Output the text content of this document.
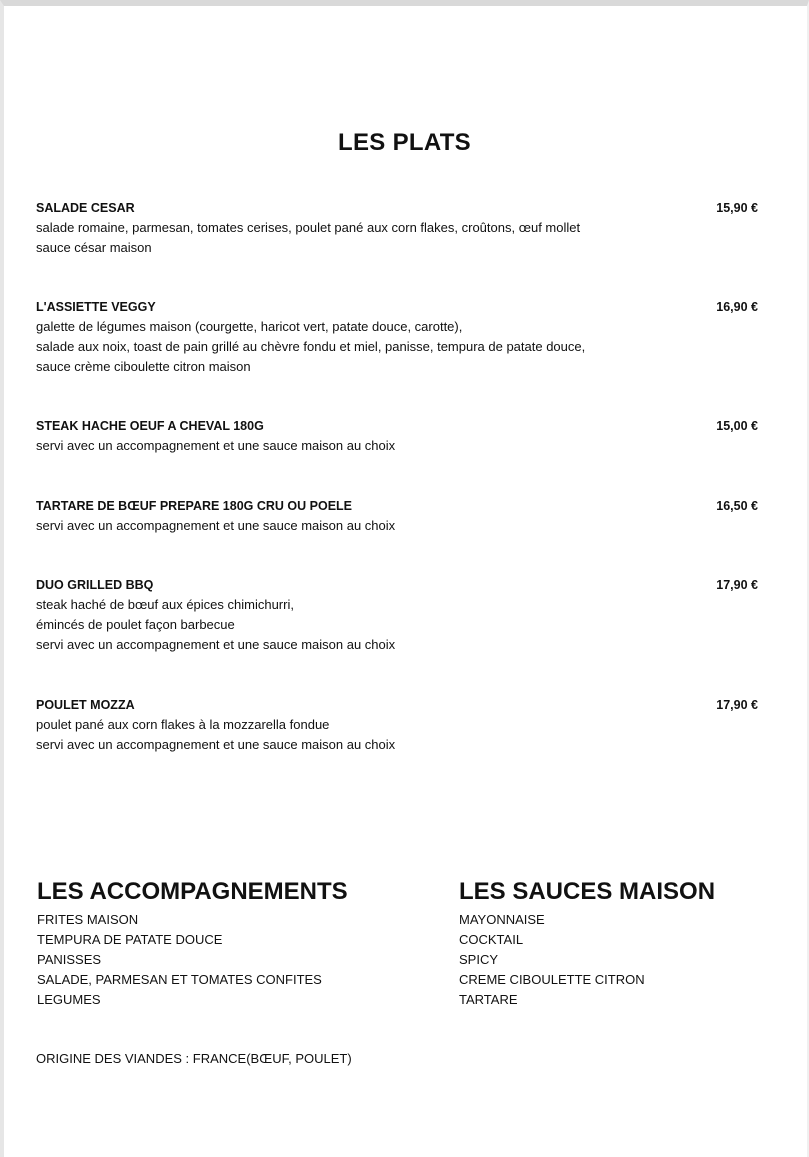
LES PLATS
SALADE CESAR	15,90 €
salade romaine, parmesan, tomates cerises, poulet pané aux corn flakes, croûtons, œuf mollet
sauce césar maison
L'ASSIETTE VEGGY	16,90 €
galette de légumes maison (courgette, haricot vert, patate douce, carotte),
salade aux noix, toast de pain grillé au chèvre fondu et miel, panisse, tempura de patate douce,
sauce crème ciboulette citron maison
STEAK HACHE OEUF A CHEVAL 180G	15,00 €
servi avec un accompagnement et une sauce maison au choix
TARTARE DE BŒUF PREPARE 180G CRU OU POELE	16,50 €
servi avec un accompagnement et une sauce maison au choix
DUO GRILLED BBQ	17,90 €
steak haché de bœuf aux épices chimichurri,
émincés de poulet façon barbecue
servi avec un accompagnement et une sauce maison au choix
POULET MOZZA	17,90 €
poulet pané aux corn flakes à la mozzarella fondue
servi avec un accompagnement et une sauce maison au choix
LES ACCOMPAGNEMENTS
FRITES MAISON
TEMPURA DE PATATE DOUCE
PANISSES
SALADE, PARMESAN ET TOMATES CONFITES
LEGUMES
LES SAUCES MAISON
MAYONNAISE
COCKTAIL
SPICY
CREME CIBOULETTE CITRON
TARTARE
ORIGINE DES VIANDES : FRANCE(BŒUF, POULET)
